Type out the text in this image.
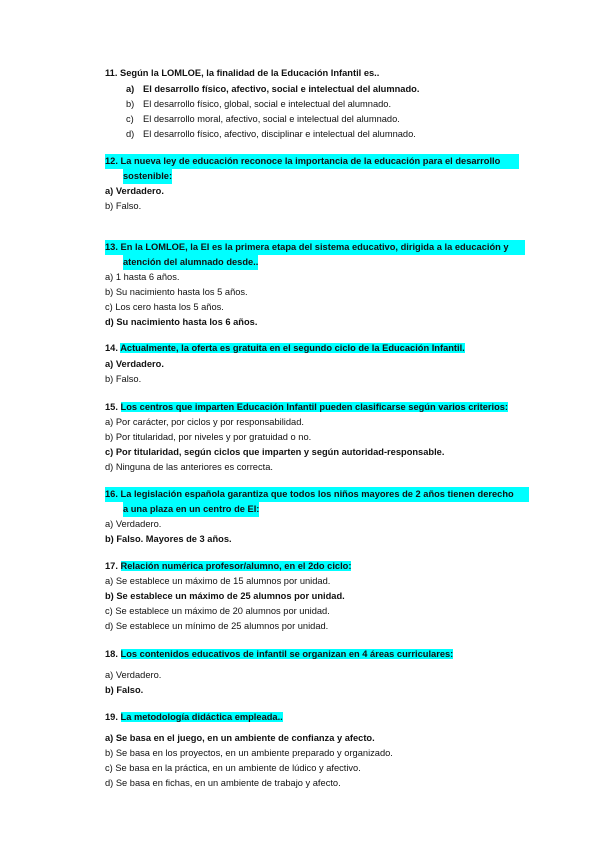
11. Según la LOMLOE, la finalidad de la Educación Infantil es..
a) El desarrollo físico, afectivo, social e intelectual del alumnado.
b) El desarrollo físico, global, social e intelectual del alumnado.
c) El desarrollo moral, afectivo, social e intelectual del alumnado.
d) El desarrollo físico, afectivo, disciplinar e intelectual del alumnado.
12. La nueva ley de educación reconoce la importancia de la educación para el desarrollo
sostenible:
a) Verdadero.
b) Falso.
13. En la LOMLOE, la EI es la primera etapa del sistema educativo, dirigida a la educación y
atención del alumnado desde..
a) 1 hasta 6 años.
b) Su nacimiento hasta los 5 años.
c) Los cero hasta los 5 años.
d) Su nacimiento hasta los 6 años.
14. Actualmente, la oferta es gratuita en el segundo ciclo de la Educación Infantil.
a) Verdadero.
b) Falso.
15. Los centros que imparten Educación Infantil pueden clasificarse según varios criterios:
a) Por carácter, por ciclos y por responsabilidad.
b) Por titularidad, por niveles y por gratuidad o no.
c) Por titularidad, según ciclos que imparten y según autoridad-responsable.
d) Ninguna de las anteriores es correcta.
16. La legislación española garantiza que todos los niños mayores de 2 años tienen derecho
a una plaza en un centro de EI:
a) Verdadero.
b) Falso. Mayores de 3 años.
17. Relación numérica profesor/alumno, en el 2do ciclo:
a) Se establece un máximo de 15 alumnos por unidad.
b) Se establece un máximo de 25 alumnos por unidad.
c) Se establece un máximo de 20 alumnos por unidad.
d) Se establece un mínimo de 25 alumnos por unidad.
18. Los contenidos educativos de infantil se organizan en 4 áreas curriculares:
a) Verdadero.
b) Falso.
19. La metodología didáctica empleada..
a) Se basa en el juego, en un ambiente de confianza y afecto.
b) Se basa en los proyectos, en un ambiente preparado y organizado.
c) Se basa en la práctica, en un ambiente de lúdico y afectivo.
d) Se basa en fichas, en un ambiente de trabajo y afecto.
